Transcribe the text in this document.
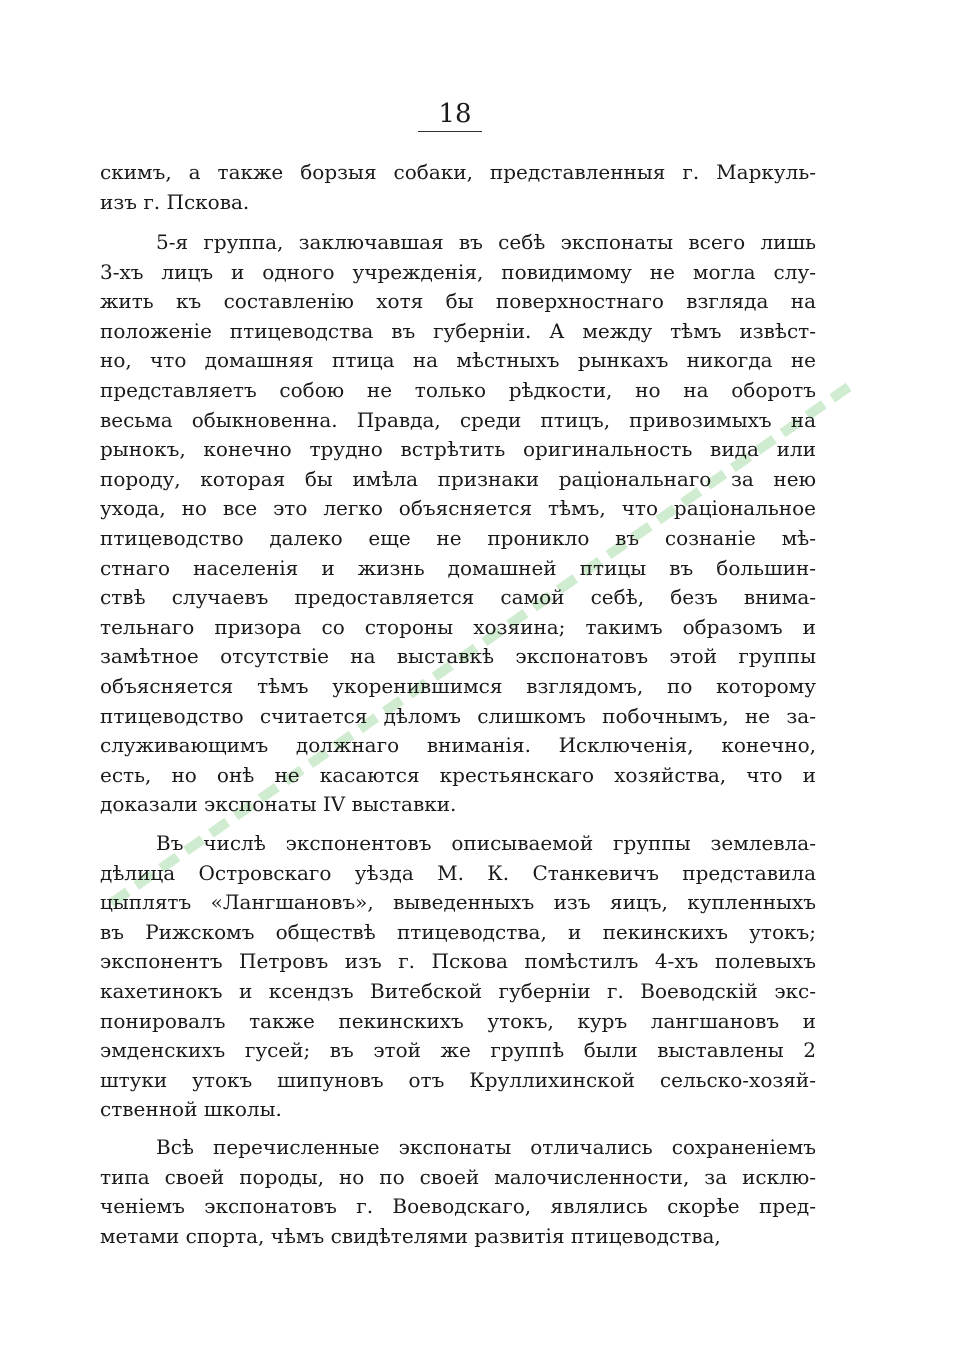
18
скимъ, а также борзыя собаки, представленныя г. Маркуль-
изъ г. Пскова.
5-я группа, заключавшая въ себѣ экспонаты всего лишь
3-хъ лицъ и одного учрежденія, повидимому не могла слу-
жить къ составленію хотя бы поверхностнаго взгляда на
положеніе птицеводства въ губерніи. А между тѣмъ извѣст-
но, что домашняя птица на мѣстныхъ рынкахъ никогда не
представляетъ собою не только рѣдкости, но на оборотъ
весьма обыкновенна. Правда, среди птицъ, привозимыхъ на
рынокъ, конечно трудно встрѣтить оригинальность вида или
породу, которая бы имѣла признаки раціональнаго за нею
ухода, но все это легко объясняется тѣмъ, что раціональное
птицеводство далеко еще не проникло въ сознаніе мѣ-
стнаго населенія и жизнь домашней птицы въ большин-
ствѣ случаевъ предоставляется самой себѣ, безъ внима-
тельнаго призора со стороны хозяина; такимъ образомъ и
замѣтное отсутствіе на выставкѣ экспонатовъ этой группы
объясняется тѣмъ укоренившимся взглядомъ, по которому
птицеводство считается дѣломъ слишкомъ побочнымъ, не за-
служивающимъ должнаго вниманія. Исключенія, конечно,
есть, но онѣ не касаются крестьянскаго хозяйства, что и
доказали экспонаты IV выставки.
Въ числѣ экспонентовъ описываемой группы землевла-
дѣлица Островскаго уѣзда М. К. Станкевичъ представила
цыплятъ «Лангшановъ», выведенныхъ изъ яицъ, купленныхъ
въ Рижскомъ обществѣ птицеводства, и пекинскихъ утокъ;
экспонентъ Петровъ изъ г. Пскова помѣстилъ 4-хъ полевыхъ
кахетинокъ и ксендзъ Витебской губерніи г. Воеводскій экс-
понировалъ также пекинскихъ утокъ, куръ лангшановъ и
эмденскихъ гусей; въ этой же группѣ были выставлены 2
штуки утокъ шипуновъ отъ Круллихинской сельско-хозяй-
ственной школы.
Всѣ перечисленные экспонаты отличались сохраненіемъ
типа своей породы, но по своей малочисленности, за исклю-
ченіемъ экспонатовъ г. Воеводскаго, являлись скорѣе пред-
метами спорта, чѣмъ свидѣтелями развитія птицеводства,
